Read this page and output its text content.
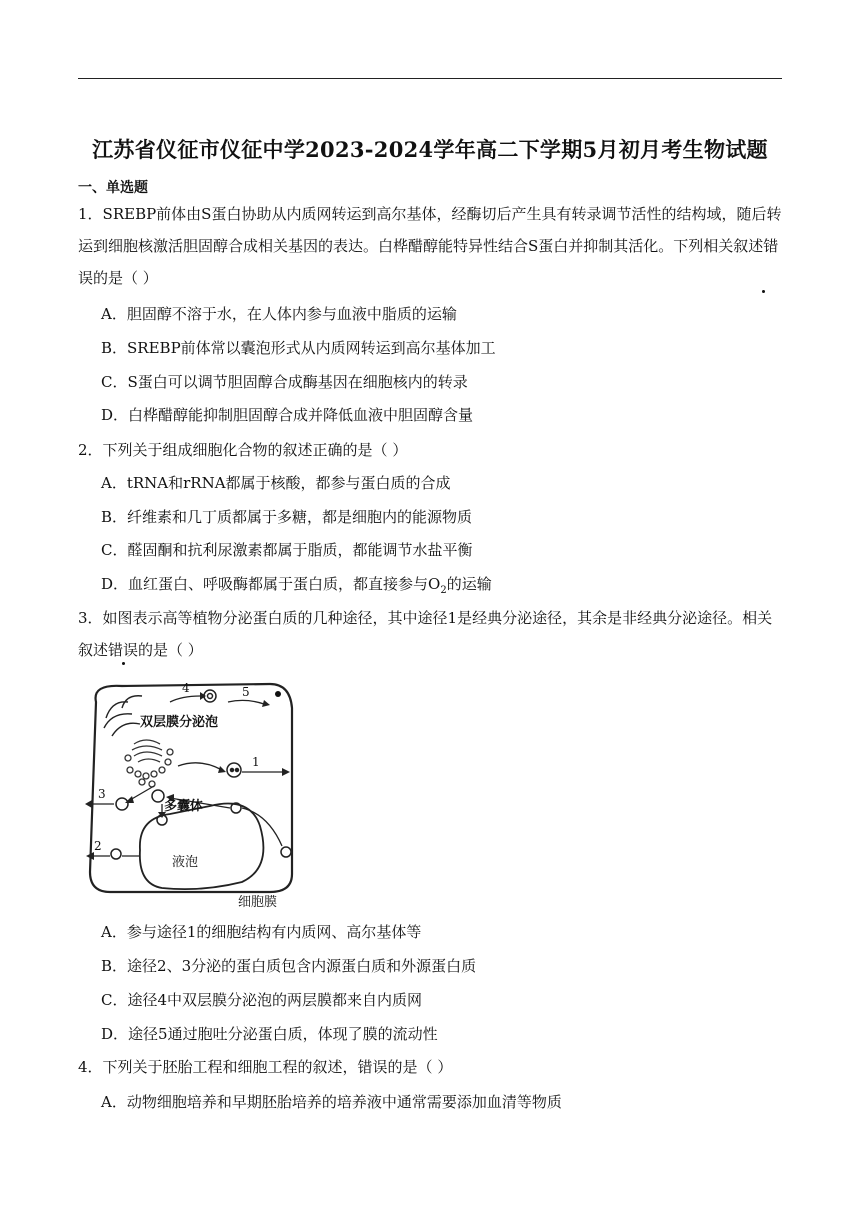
江苏省仪征市仪征中学2023-2024学年高二下学期5月初月考生物试题
一、单选题
1．SREBP前体由S蛋白协助从内质网转运到高尔基体，经酶切后产生具有转录调节活性的结构域，随后转运到细胞核激活胆固醇合成相关基因的表达。白桦醋醇能特异性结合S蛋白并抑制其活化。下列相关叙述错误的是（ ）
A．胆固醇不溶于水，在人体内参与血液中脂质的运输
B．SREBP前体常以囊泡形式从内质网转运到高尔基体加工
C．S蛋白可以调节胆固醇合成酶基因在细胞核内的转录
D．白桦醋醇能抑制胆固醇合成并降低血液中胆固醇含量
2．下列关于组成细胞化合物的叙述正确的是（ ）
A．tRNA和rRNA都属于核酸，都参与蛋白质的合成
B．纤维素和几丁质都属于多糖，都是细胞内的能源物质
C．醛固酮和抗利尿激素都属于脂质，都能调节水盐平衡
D．血红蛋白、呼吸酶都属于蛋白质，都直接参与$O_2$的运输
3．如图表示高等植物分泌蛋白质的几种途径，其中途径1是经典分泌途径，其余是非经典分泌途径。相关叙述错误的是（ ）
双层膜分泌泡
多囊体
液泡
细胞膜
1
2
3
4	5
A．参与途径1的细胞结构有内质网、高尔基体等
B．途径2、3分泌的蛋白质包含内源蛋白质和外源蛋白质
C．途径4中双层膜分泌泡的两层膜都来自内质网
D．途径5通过胞吐分泌蛋白质，体现了膜的流动性
4．下列关于胚胎工程和细胞工程的叙述，错误的是（ ）
A．动物细胞培养和早期胚胎培养的培养液中通常需要添加血清等物质
